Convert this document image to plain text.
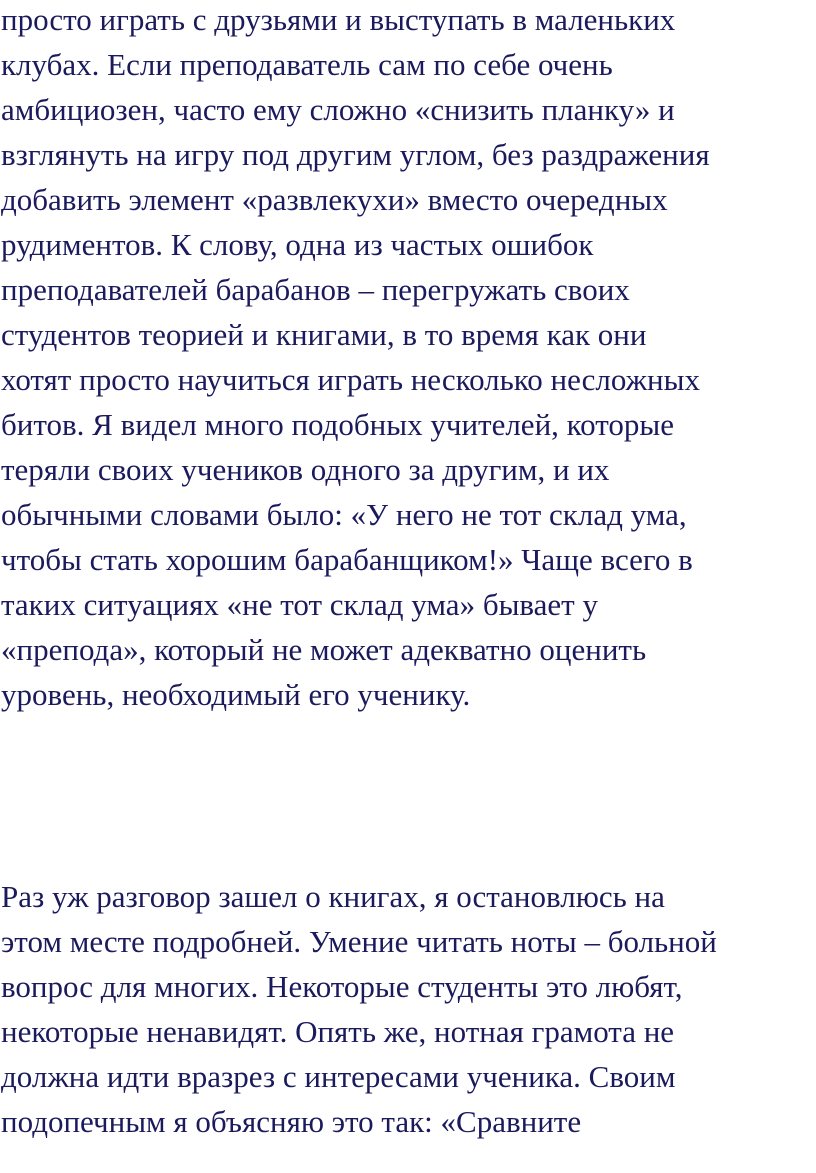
просто играть с друзьями и выступать в маленьких

клубах. Если преподаватель сам по себе очень

амбициозен, часто ему сложно «снизить планку» и

взглянуть на игру под другим углом, без раздражения

добавить элемент «развлекухи» вместо очередных

рудиментов. К слову, одна из частых ошибок

преподавателей барабанов – перегружать своих

студентов теорией и книгами, в то время как они

хотят просто научиться играть несколько несложных

битов. Я видел много подобных учителей, которые

теряли своих учеников одного за другим, и их

обычными словами было: «У него не тот склад ума,

чтобы стать хорошим барабанщиком!» Чаще всего в

таких ситуациях «не тот склад ума» бывает у

«препода», который не может адекватно оценить

уровень, необходимый его ученику.

Раз уж разговор зашел о книгах, я остановлюсь на

этом месте подробней. Умение читать ноты – больной

вопрос для многих. Некоторые студенты это любят,

некоторые ненавидят. Опять же, нотная грамота не

должна идти вразрез с интересами ученика. Своим

подопечным я объясняю это так: «Сравните
